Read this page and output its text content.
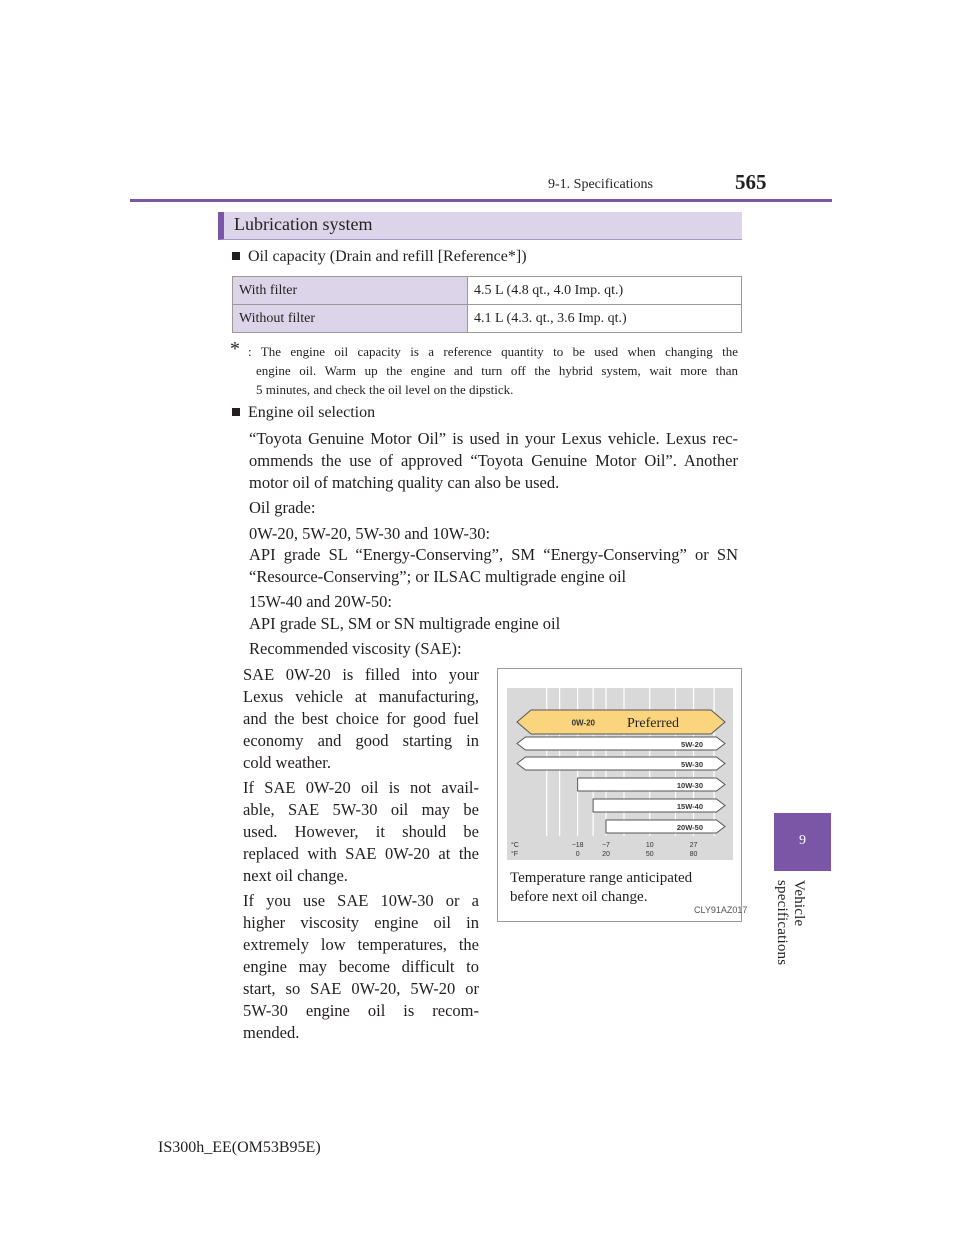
9-1. Specifications	565
9
Vehicle specifications
Lubrication system
Oil capacity (Drain and refill [Reference*])
With filter	4.5 L (4.8 qt., 4.0 Imp. qt.)
Without filter	4.1 L (4.3. qt., 3.6 Imp. qt.)
* : The engine oil capacity is a reference quantity to be used when changing the
engine oil. Warm up the engine and turn off the hybrid system, wait more than
5 minutes, and check the oil level on the dipstick.
Engine oil selection
“Toyota Genuine Motor Oil” is used in your Lexus vehicle. Lexus rec-
ommends the use of approved “Toyota Genuine Motor Oil”. Another
motor oil of matching quality can also be used.
Oil grade:
0W-20, 5W-20, 5W-30 and 10W-30:
API grade SL “Energy-Conserving”, SM “Energy-Conserving” or SN
“Resource-Conserving”; or ILSAC multigrade engine oil
15W-40 and 20W-50:
API grade SL, SM or SN multigrade engine oil
Recommended viscosity (SAE):
SAE 0W-20 is filled into your
Lexus vehicle at manufacturing,
and the best choice for good fuel
economy and good starting in
cold weather.
If SAE 0W-20 oil is not avail-
able, SAE 5W-30 oil may be
used. However, it should be
replaced with SAE 0W-20 at the
next oil change.
If you use SAE 10W-30 or a
higher viscosity engine oil in
extremely low temperatures, the
engine may become difficult to
start, so SAE 0W-20, 5W-20 or
5W-30 engine oil is recom-
mended.
0W-20 Preferred
5W-20
5W-30
10W-30
15W-40
20W-50
°C
°F
−18
0
−7
20
10
50
27
80
Temperature range anticipated
before next oil change.
CLY91AZ017
IS300h_EE(OM53B95E)
